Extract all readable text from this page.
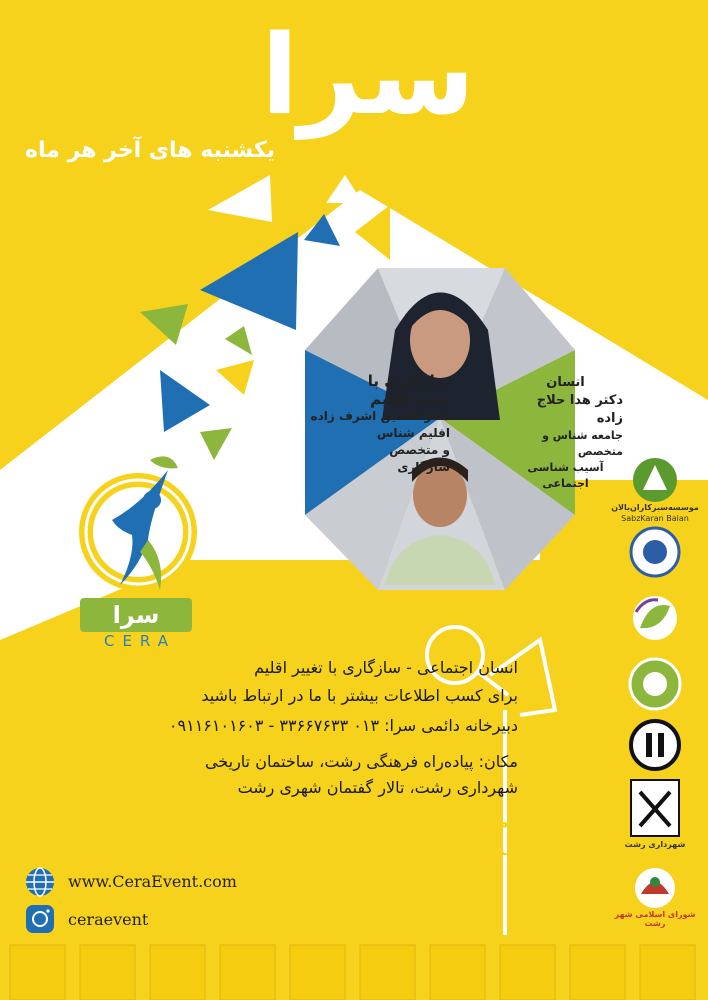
سرا
یکشنبه های آخر هر ماه
سازگاری با
تغییر اقلیم
دکتر افشین اشرف زاده
اقلیم شناس
و متخصص
سازگاری
انسان
دکتر هدا حلاج زاده
جامعه شناس و متخصص
آسیب شناسی
اجتماعی
سرا
CERA
انسان اجتماعی - سازگاری با تغییر اقلیم
برای کسب اطلاعات بیشتر با ما در ارتباط باشید
دبیرخانه دائمی سرا: ۰۱۳ ۳۳۶۶۷۶۳۳ - ۰۹۱۱۶۱۰۱۶۰۳
مکان: پیاده‌راه فرهنگی رشت، ساختمان تاریخی
شهرداری رشت، تالار گفتمان شهری رشت
زمان: یکشنبه ۵ آذر ماه ۱۳۹۶ ساعت ۱۶:۴۵
ثبت نام در سایت از پنج‌شنبه ساعت ۱۶:۴۵
www.CeraEvent.com
ceraevent
موسسه‌سبزکاران‌بالان
SabzKaran Balan
شهرداری رشت
شورای اسلامی شهر رشت
